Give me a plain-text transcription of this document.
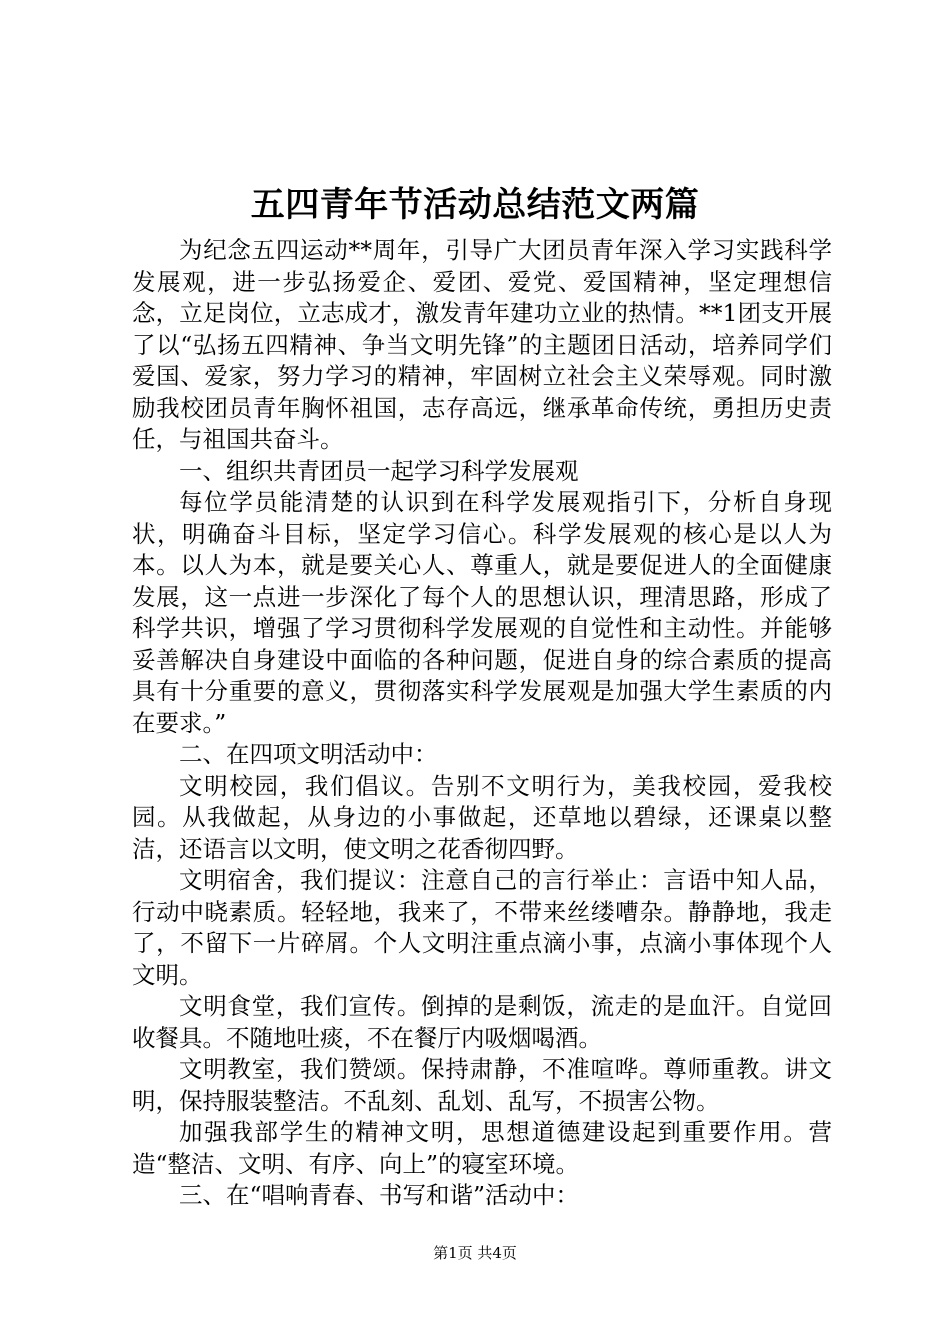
五四青年节活动总结范文两篇

为纪念五四运动**周年，引导广大团员青年深入学习实践科学发展观，进一步弘扬爱企、爱团、爱党、爱国精神，坚定理想信念，立足岗位，立志成才，激发青年建功立业的热情。**1团支开展了以“弘扬五四精神、争当文明先锋”的主题团日活动，培养同学们爱国、爱家，努力学习的精神，牢固树立社会主义荣辱观。同时激励我校团员青年胸怀祖国，志存高远，继承革命传统，勇担历史责任，与祖国共奋斗。

一、组织共青团员一起学习科学发展观

每位学员能清楚的认识到在科学发展观指引下，分析自身现状，明确奋斗目标，坚定学习信心。科学发展观的核心是以人为本。以人为本，就是要关心人、尊重人，就是要促进人的全面健康发展，这一点进一步深化了每个人的思想认识，理清思路，形成了科学共识，增强了学习贯彻科学发展观的自觉性和主动性。并能够妥善解决自身建设中面临的各种问题，促进自身的综合素质的提高具有十分重要的意义，贯彻落实科学发展观是加强大学生素质的内在要求。”

二、在四项文明活动中：

文明校园，我们倡议。告别不文明行为，美我校园，爱我校园。从我做起，从身边的小事做起，还草地以碧绿，还课桌以整洁，还语言以文明，使文明之花香彻四野。

文明宿舍，我们提议：注意自己的言行举止：言语中知人品，行动中晓素质。轻轻地，我来了，不带来丝缕嘈杂。静静地，我走了，不留下一片碎屑。个人文明注重点滴小事，点滴小事体现个人文明。

文明食堂，我们宣传。倒掉的是剩饭，流走的是血汗。自觉回收餐具。不随地吐痰，不在餐厅内吸烟喝酒。

文明教室，我们赞颂。保持肃静，不准喧哗。尊师重教。讲文明，保持服装整洁。不乱刻、乱划、乱写，不损害公物。

加强我部学生的精神文明，思想道德建设起到重要作用。营造“整洁、文明、有序、向上”的寝室环境。

三、在“唱响青春、书写和谐”活动中：

第1页 共4页
